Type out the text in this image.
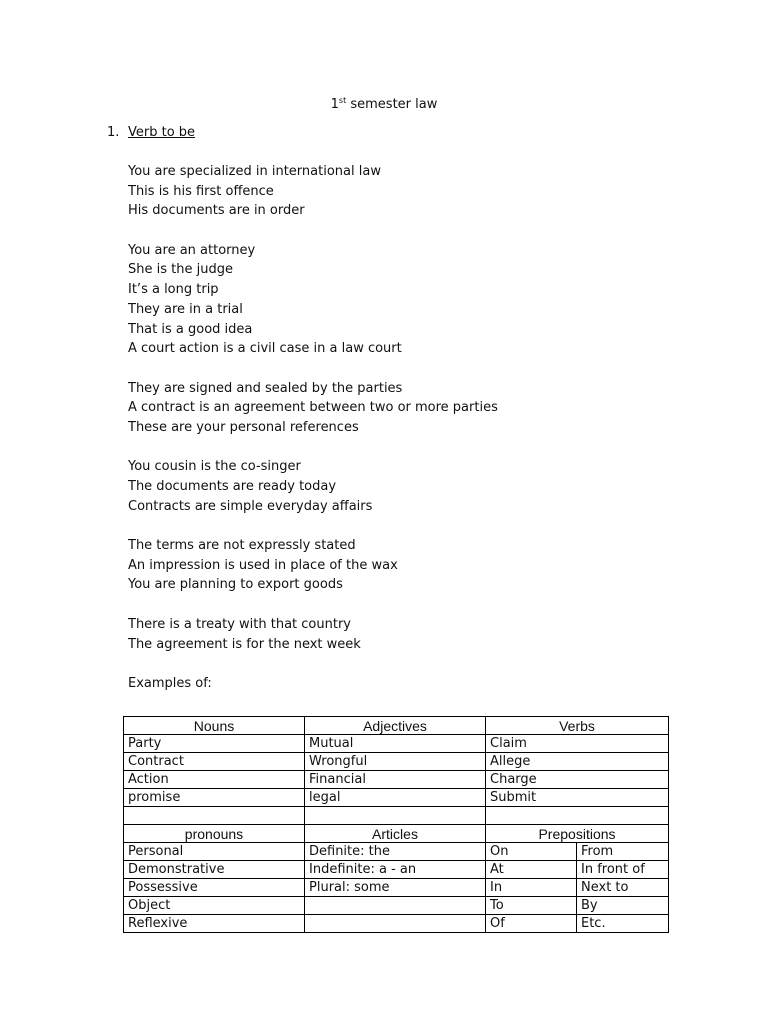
1st semester law
1. Verb to be
You are specialized in international law
This is his first offence
His documents are in order
You are an attorney
She is the judge
It’s a long trip
They are in a trial
That is a good idea
A court action is a civil case in a law court
They are signed and sealed by the parties
A contract is an agreement between two or more parties
These are your personal references
You cousin is the co-singer
The documents are ready today
Contracts are simple everyday affairs
The terms are not expressly stated
An impression is used in place of the wax
You are planning to export goods
There is a treaty with that country
The agreement is for the next week
Examples of:
Nouns	Adjectives	Verbs	
Party	Mutual	Claim	
Contract	Wrongful	Allege	
Action	Financial	Charge	
promise	legal	Submit	

pronouns	Articles	Prepositions	
Personal	Definite: the	On	From
Demonstrative	Indefinite: a - an	At	In front of
Possessive	Plural: some	In	Next to
Object		To	By
Reflexive		Of	Etc.
